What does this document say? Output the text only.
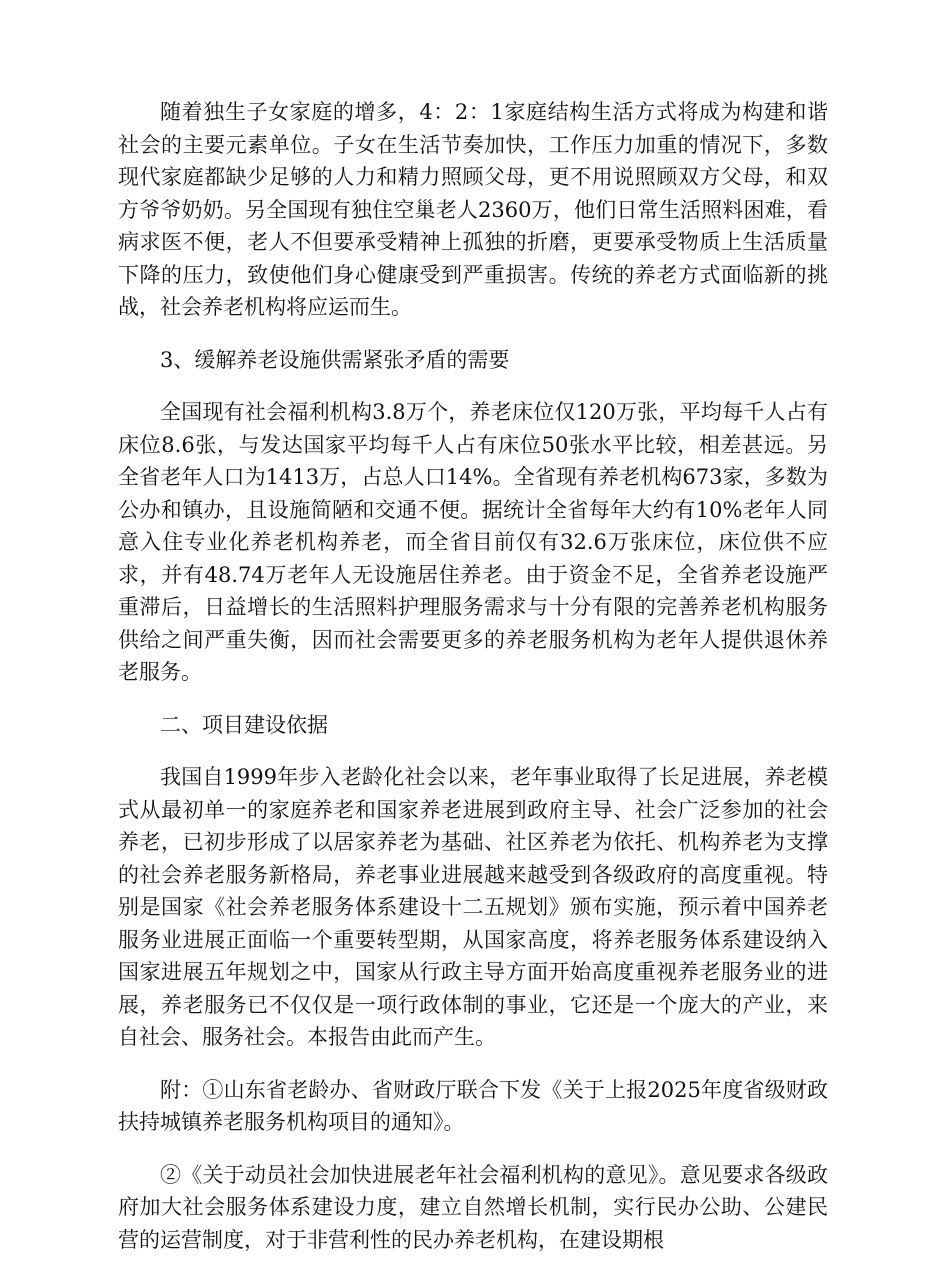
随着独生子女家庭的增多，4：2：1家庭结构生活方式将成为构建和谐社会的主要元素单位。子女在生活节奏加快，工作压力加重的情况下，多数现代家庭都缺少足够的人力和精力照顾父母，更不用说照顾双方父母，和双方爷爷奶奶。另全国现有独住空巢老人2360万，他们日常生活照料困难，看病求医不便，老人不但要承受精神上孤独的折磨，更要承受物质上生活质量下降的压力，致使他们身心健康受到严重损害。传统的养老方式面临新的挑战，社会养老机构将应运而生。

3、缓解养老设施供需紧张矛盾的需要

全国现有社会福利机构3.8万个，养老床位仅120万张，平均每千人占有床位8.6张，与发达国家平均每千人占有床位50张水平比较，相差甚远。另全省老年人口为1413万，占总人口14%。全省现有养老机构673家，多数为公办和镇办，且设施简陋和交通不便。据统计全省每年大约有10%老年人同意入住专业化养老机构养老，而全省目前仅有32.6万张床位，床位供不应求，并有48.74万老年人无设施居住养老。由于资金不足，全省养老设施严重滞后，日益增长的生活照料护理服务需求与十分有限的完善养老机构服务供给之间严重失衡，因而社会需要更多的养老服务机构为老年人提供退休养老服务。

二、项目建设依据

我国自1999年步入老龄化社会以来，老年事业取得了长足进展，养老模式从最初单一的家庭养老和国家养老进展到政府主导、社会广泛参加的社会养老，已初步形成了以居家养老为基础、社区养老为依托、机构养老为支撑的社会养老服务新格局，养老事业进展越来越受到各级政府的高度重视。特别是国家《社会养老服务体系建设十二五规划》颁布实施，预示着中国养老服务业进展正面临一个重要转型期，从国家高度，将养老服务体系建设纳入国家进展五年规划之中，国家从行政主导方面开始高度重视养老服务业的进展，养老服务已不仅仅是一项行政体制的事业，它还是一个庞大的产业，来自社会、服务社会。本报告由此而产生。

附：①山东省老龄办、省财政厅联合下发《关于上报2025年度省级财政扶持城镇养老服务机构项目的通知》。

②《关于动员社会加快进展老年社会福利机构的意见》。意见要求各级政府加大社会服务体系建设力度，建立自然增长机制，实行民办公助、公建民营的运营制度，对于非营利性的民办养老机构，在建设期根
